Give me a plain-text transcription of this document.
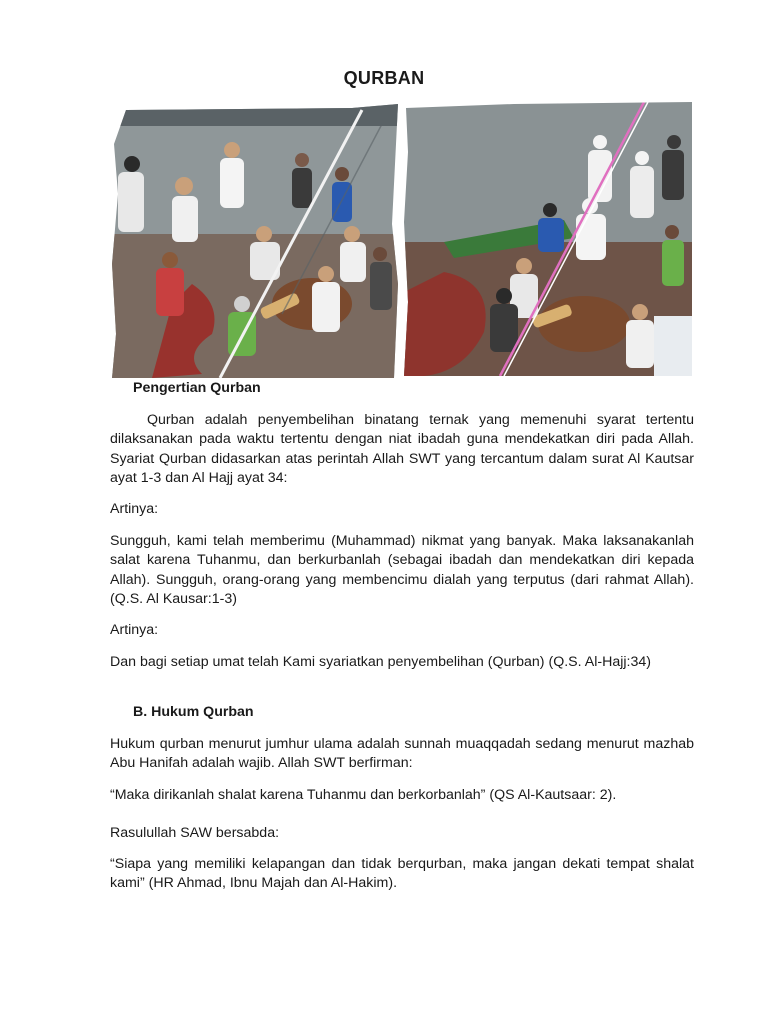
QURBAN
Pengertian Qurban

Qurban adalah penyembelihan binatang ternak yang memenuhi syarat tertentu dilaksanakan pada waktu tertentu dengan niat ibadah guna mendekatkan diri pada Allah. Syariat Qurban didasarkan atas perintah Allah SWT yang tercantum dalam surat Al Kautsar ayat 1-3 dan Al Hajj ayat 34:

Artinya:

Sungguh, kami telah memberimu (Muhammad) nikmat yang banyak. Maka laksanakanlah salat karena Tuhanmu, dan berkurbanlah (sebagai ibadah dan mendekatkan diri kepada Allah). Sungguh, orang-orang yang membencimu dialah yang terputus (dari rahmat Allah). (Q.S. Al Kausar:1-3)

Artinya:

Dan bagi setiap umat telah Kami syariatkan penyembelihan (Qurban) (Q.S. Al-Hajj:34)

B. Hukum Qurban

Hukum qurban menurut jumhur ulama adalah sunnah muaqqadah sedang menurut mazhab Abu Hanifah adalah wajib. Allah SWT berfirman:

“Maka dirikanlah shalat karena Tuhanmu dan berkorbanlah” (QS Al-Kautsaar: 2).

Rasulullah SAW bersabda:

“Siapa yang memiliki kelapangan dan tidak berqurban, maka jangan dekati tempat shalat kami” (HR Ahmad, Ibnu Majah dan Al-Hakim).
